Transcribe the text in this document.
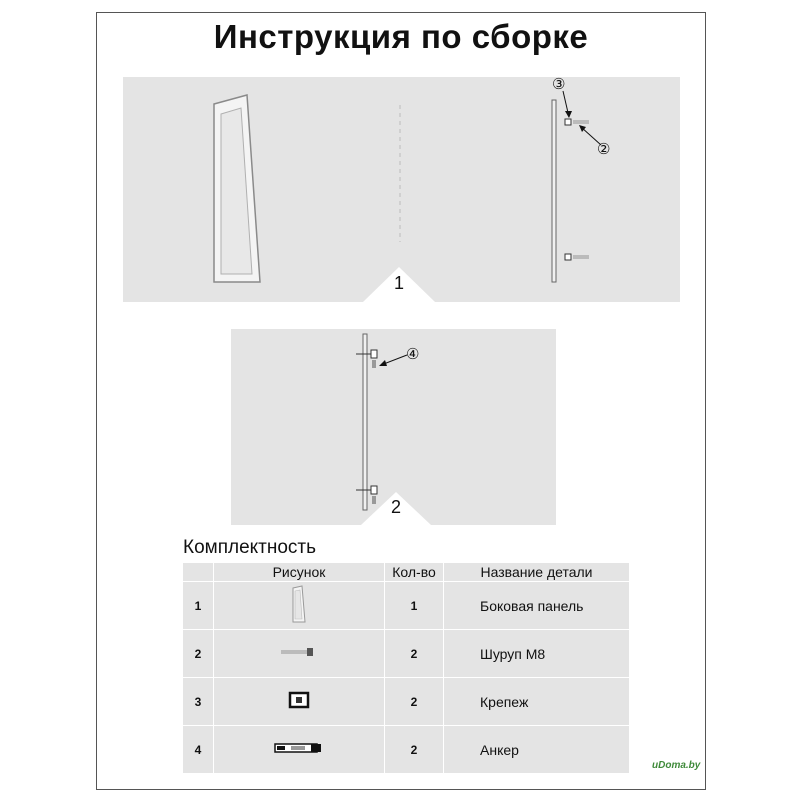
Инструкция по сборке
③
②
1
④
2
Комплектность
	Рисунок	Кол-во	Название детали
1		1	Боковая панель
2		2	Шуруп М8
3		2	Крепеж
4		2	Анкер
uDoma.by
